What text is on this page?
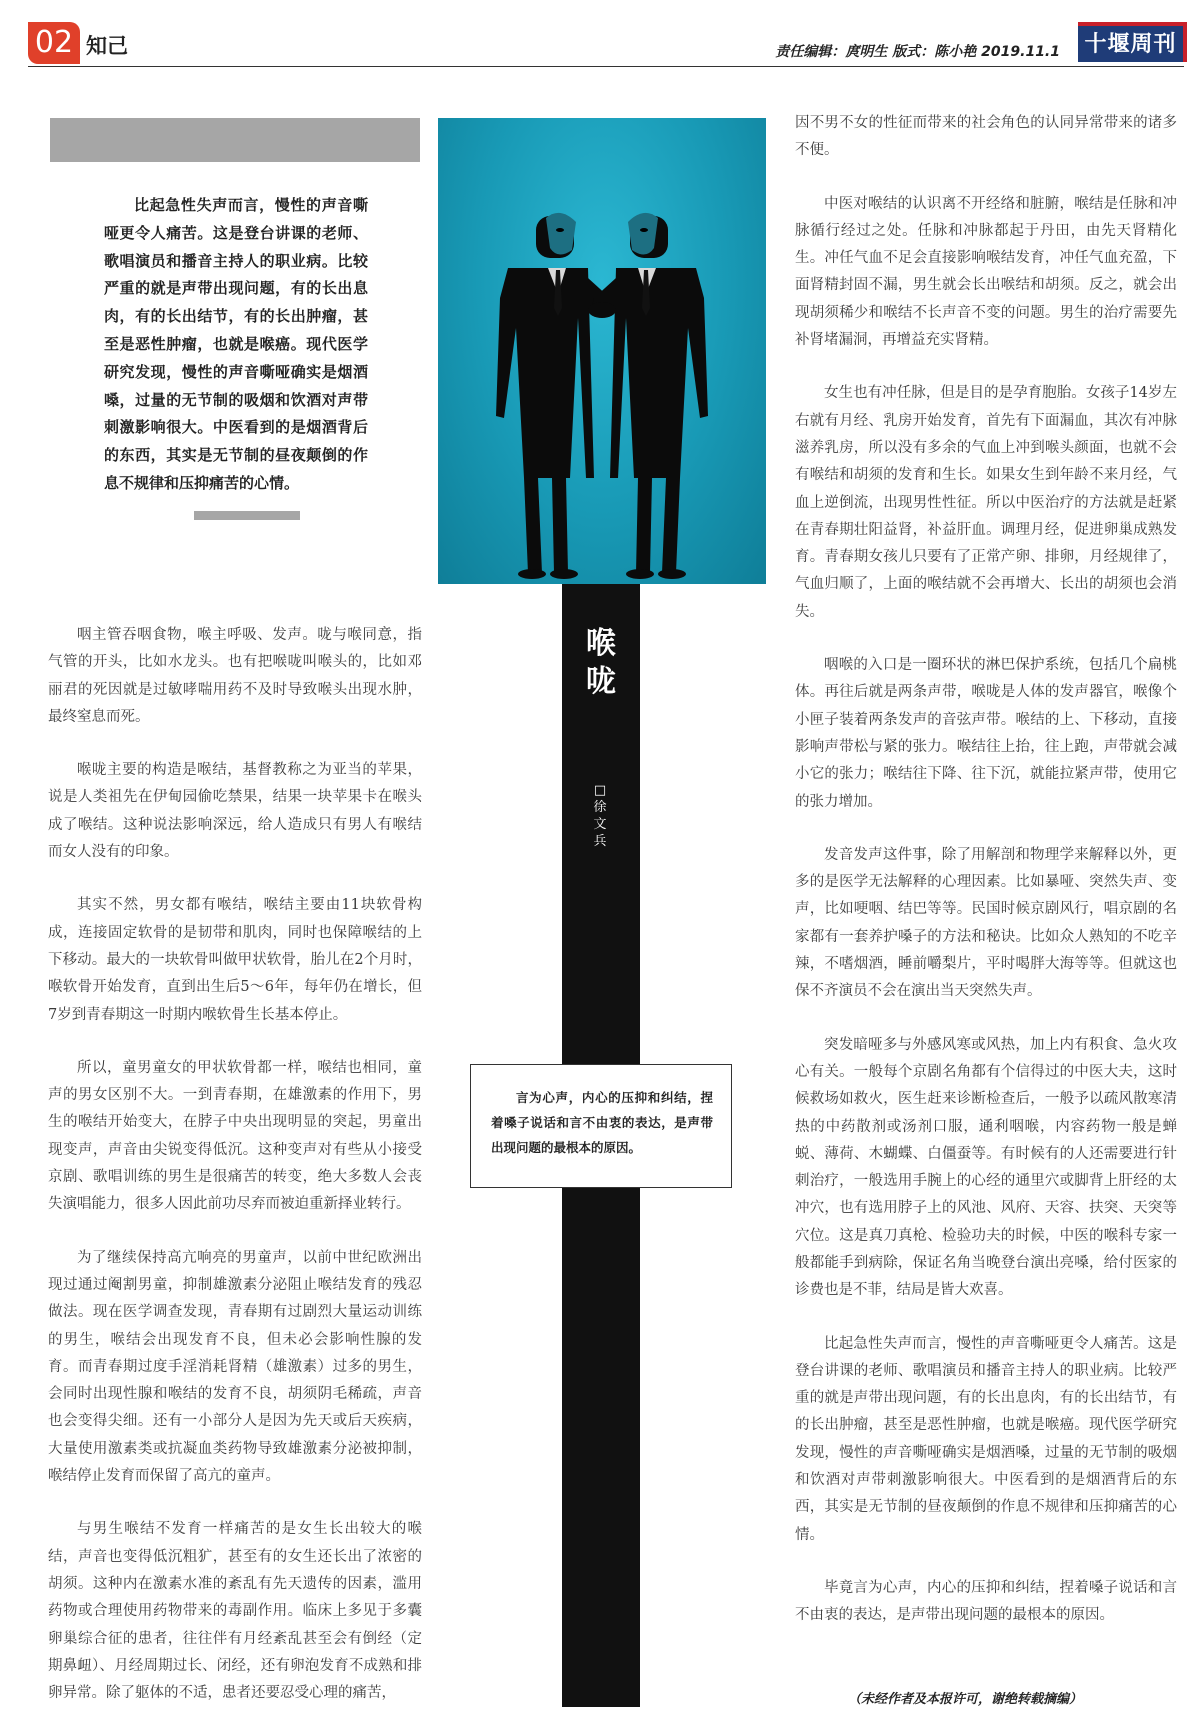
02 知己	责任编辑：庹明生 版式：陈小艳 2019.11.1 十堰周刊

比起急性失声而言，慢性的声音嘶哑更令人痛苦。这是登台讲课的老师、歌唱演员和播音主持人的职业病。比较严重的就是声带出现问题，有的长出息肉，有的长出结节，有的长出肿瘤，甚至是恶性肿瘤，也就是喉癌。现代医学研究发现，慢性的声音嘶哑确实是烟酒嗓，过量的无节制的吸烟和饮酒对声带刺激影响很大。中医看到的是烟酒背后的东西，其实是无节制的昼夜颠倒的作息不规律和压抑痛苦的心情。

喉咙
□徐文兵

咽主管吞咽食物，喉主呼吸、发声。咙与喉同意，指气管的开头，比如水龙头。也有把喉咙叫喉头的，比如邓丽君的死因就是过敏哮喘用药不及时导致喉头出现水肿，最终窒息而死。

喉咙主要的构造是喉结，基督教称之为亚当的苹果，说是人类祖先在伊甸园偷吃禁果，结果一块苹果卡在喉头成了喉结。这种说法影响深远，给人造成只有男人有喉结而女人没有的印象。

其实不然，男女都有喉结，喉结主要由11块软骨构成，连接固定软骨的是韧带和肌肉，同时也保障喉结的上下移动。最大的一块软骨叫做甲状软骨，胎儿在2个月时，喉软骨开始发育，直到出生后5～6年，每年仍在增长，但7岁到青春期这一时期内喉软骨生长基本停止。

所以，童男童女的甲状软骨都一样，喉结也相同，童声的男女区别不大。一到青春期，在雄激素的作用下，男生的喉结开始变大，在脖子中央出现明显的突起，男童出现变声，声音由尖锐变得低沉。这种变声对有些从小接受京剧、歌唱训练的男生是很痛苦的转变，绝大多数人会丧失演唱能力，很多人因此前功尽弃而被迫重新择业转行。

为了继续保持高亢响亮的男童声，以前中世纪欧洲出现过通过阉割男童，抑制雄激素分泌阻止喉结发育的残忍做法。现在医学调查发现，青春期有过剧烈大量运动训练的男生，喉结会出现发育不良，但未必会影响性腺的发育。而青春期过度手淫消耗肾精（雄激素）过多的男生，会同时出现性腺和喉结的发育不良，胡须阴毛稀疏，声音也会变得尖细。还有一小部分人是因为先天或后天疾病，大量使用激素类或抗凝血类药物导致雄激素分泌被抑制，喉结停止发育而保留了高亢的童声。

与男生喉结不发育一样痛苦的是女生长出较大的喉结，声音也变得低沉粗犷，甚至有的女生还长出了浓密的胡须。这种内在激素水准的紊乱有先天遗传的因素，滥用药物或合理使用药物带来的毒副作用。临床上多见于多囊卵巢综合征的患者，往往伴有月经紊乱甚至会有倒经（定期鼻衄）、月经周期过长、闭经，还有卵泡发育不成熟和排卵异常。除了躯体的不适，患者还要忍受心理的痛苦，

言为心声，内心的压抑和纠结，捏着嗓子说话和言不由衷的表达，是声带出现问题的最根本的原因。

因不男不女的性征而带来的社会角色的认同异常带来的诸多不便。

中医对喉结的认识离不开经络和脏腑，喉结是任脉和冲脉循行经过之处。任脉和冲脉都起于丹田，由先天肾精化生。冲任气血不足会直接影响喉结发育，冲任气血充盈，下面肾精封固不漏，男生就会长出喉结和胡须。反之，就会出现胡须稀少和喉结不长声音不变的问题。男生的治疗需要先补肾堵漏洞，再增益充实肾精。

女生也有冲任脉，但是目的是孕育胞胎。女孩子14岁左右就有月经、乳房开始发育，首先有下面漏血，其次有冲脉滋养乳房，所以没有多余的气血上冲到喉头颜面，也就不会有喉结和胡须的发育和生长。如果女生到年龄不来月经，气血上逆倒流，出现男性性征。所以中医治疗的方法就是赶紧在青春期壮阳益肾，补益肝血。调理月经，促进卵巢成熟发育。青春期女孩儿只要有了正常产卵、排卵，月经规律了，气血归顺了，上面的喉结就不会再增大、长出的胡须也会消失。

咽喉的入口是一圈环状的淋巴保护系统，包括几个扁桃体。再往后就是两条声带，喉咙是人体的发声器官，喉像个小匣子装着两条发声的音弦声带。喉结的上、下移动，直接影响声带松与紧的张力。喉结往上抬，往上跑，声带就会减小它的张力；喉结往下降、往下沉，就能拉紧声带，使用它的张力增加。

发音发声这件事，除了用解剖和物理学来解释以外，更多的是医学无法解释的心理因素。比如暴哑、突然失声、变声，比如哽咽、结巴等等。民国时候京剧风行，唱京剧的名家都有一套养护嗓子的方法和秘诀。比如众人熟知的不吃辛辣，不嗜烟酒，睡前嚼梨片，平时喝胖大海等等。但就这也保不齐演员不会在演出当天突然失声。

突发暗哑多与外感风寒或风热，加上内有积食、急火攻心有关。一般每个京剧名角都有个信得过的中医大夫，这时候救场如救火，医生赶来诊断检查后，一般予以疏风散寒清热的中药散剂或汤剂口服，通利咽喉，内容药物一般是蝉蜕、薄荷、木蝴蝶、白僵蚕等。有时候有的人还需要进行针刺治疗，一般选用手腕上的心经的通里穴或脚背上肝经的太冲穴，也有选用脖子上的风池、风府、天容、扶突、天突等穴位。这是真刀真枪、检验功夫的时候，中医的喉科专家一般都能手到病除，保证名角当晚登台演出亮嗓，给付医家的诊费也是不菲，结局是皆大欢喜。

比起急性失声而言，慢性的声音嘶哑更令人痛苦。这是登台讲课的老师、歌唱演员和播音主持人的职业病。比较严重的就是声带出现问题，有的长出息肉，有的长出结节，有的长出肿瘤，甚至是恶性肿瘤，也就是喉癌。现代医学研究发现，慢性的声音嘶哑确实是烟酒嗓，过量的无节制的吸烟和饮酒对声带刺激影响很大。中医看到的是烟酒背后的东西，其实是无节制的昼夜颠倒的作息不规律和压抑痛苦的心情。

毕竟言为心声，内心的压抑和纠结，捏着嗓子说话和言不由衷的表达，是声带出现问题的最根本的原因。

（未经作者及本报许可，谢绝转载摘编）
